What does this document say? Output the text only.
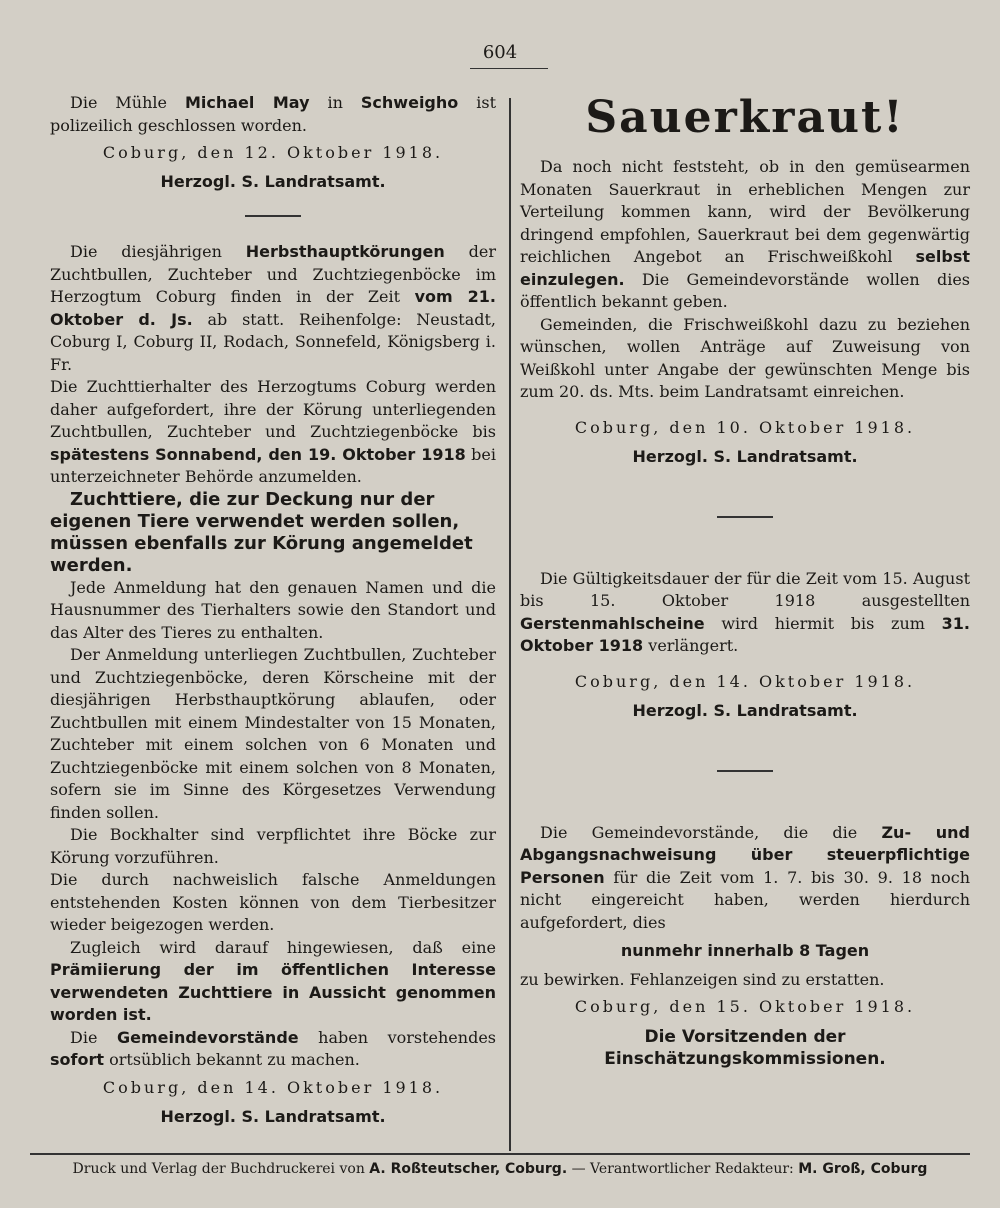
604

Die Mühle Michael May in Schweigho ist polizeilich geschlossen worden.

Coburg, den 12. Oktober 1918.
Herzogl. S. Landratsamt.

Die diesjährigen Herbsthauptkörungen der Zuchtbullen, Zuchteber und Zuchtziegenböcke im Herzogtum Coburg finden in der Zeit vom 21. Oktober d. Js. ab statt. Reihenfolge: Neustadt, Coburg I, Coburg II, Rodach, Sonnefeld, Königsberg i. Fr.

Die Zuchttierhalter des Herzogtums Coburg werden daher aufgefordert, ihre der Körung unterliegenden Zuchtbullen, Zuchteber und Zuchtziegenböcke bis spätestens Sonnabend, den 19. Oktober 1918 bei unterzeichneter Behörde anzumelden.

Zuchttiere, die zur Deckung nur der eigenen Tiere verwendet werden sollen, müssen ebenfalls zur Körung angemeldet werden.

Jede Anmeldung hat den genauen Namen und die Hausnummer des Tierhalters sowie den Standort und das Alter des Tieres zu enthalten.

Der Anmeldung unterliegen Zuchtbullen, Zuchteber und Zuchtziegenböcke, deren Körscheine mit der diesjährigen Herbsthauptkörung ablaufen, oder Zuchtbullen mit einem Mindestalter von 15 Monaten, Zuchteber mit einem solchen von 6 Monaten und Zuchtziegenböcke mit einem solchen von 8 Monaten, sofern sie im Sinne des Körgesetzes Verwendung finden sollen.

Die Bockhalter sind verpflichtet ihre Böcke zur Körung vorzuführen.

Die durch nachweislich falsche Anmeldungen entstehenden Kosten können von dem Tierbesitzer wieder beigezogen werden.

Zugleich wird darauf hingewiesen, daß eine Prämiierung der im öffentlichen Interesse verwendeten Zuchttiere in Aussicht genommen worden ist.

Die Gemeindevorstände haben vorstehendes sofort ortsüblich bekannt zu machen.

Coburg, den 14. Oktober 1918.
Herzogl. S. Landratsamt.
Sauerkraut!

Da noch nicht feststeht, ob in den gemüsearmen Monaten Sauerkraut in erheblichen Mengen zur Verteilung kommen kann, wird der Bevölkerung dringend empfohlen, Sauerkraut bei dem gegenwärtig reichlichen Angebot an Frischweißkohl selbst einzulegen. Die Gemeindevorstände wollen dies öffentlich bekannt geben.

Gemeinden, die Frischweißkohl dazu zu beziehen wünschen, wollen Anträge auf Zuweisung von Weißkohl unter Angabe der gewünschten Menge bis zum 20. ds. Mts. beim Landratsamt einreichen.

Coburg, den 10. Oktober 1918.
Herzogl. S. Landratsamt.

Die Gültigkeitsdauer der für die Zeit vom 15. August bis 15. Oktober 1918 ausgestellten Gerstenmahlscheine wird hiermit bis zum 31. Oktober 1918 verlängert.

Coburg, den 14. Oktober 1918.
Herzogl. S. Landratsamt.

Die Gemeindevorstände, die die Zu- und Abgangsnachweisung über steuerpflichtige Personen für die Zeit vom 1. 7. bis 30. 9. 18 noch nicht eingereicht haben, werden hierdurch aufgefordert, dies

nunmehr innerhalb 8 Tagen

zu bewirken. Fehlanzeigen sind zu erstatten.

Coburg, den 15. Oktober 1918.
Die Vorsitzenden der Einschätzungskommissionen.
Druck und Verlag der Buchdruckerei von A. Roßteutscher, Coburg. — Verantwortlicher Redakteur: M. Groß, Coburg
